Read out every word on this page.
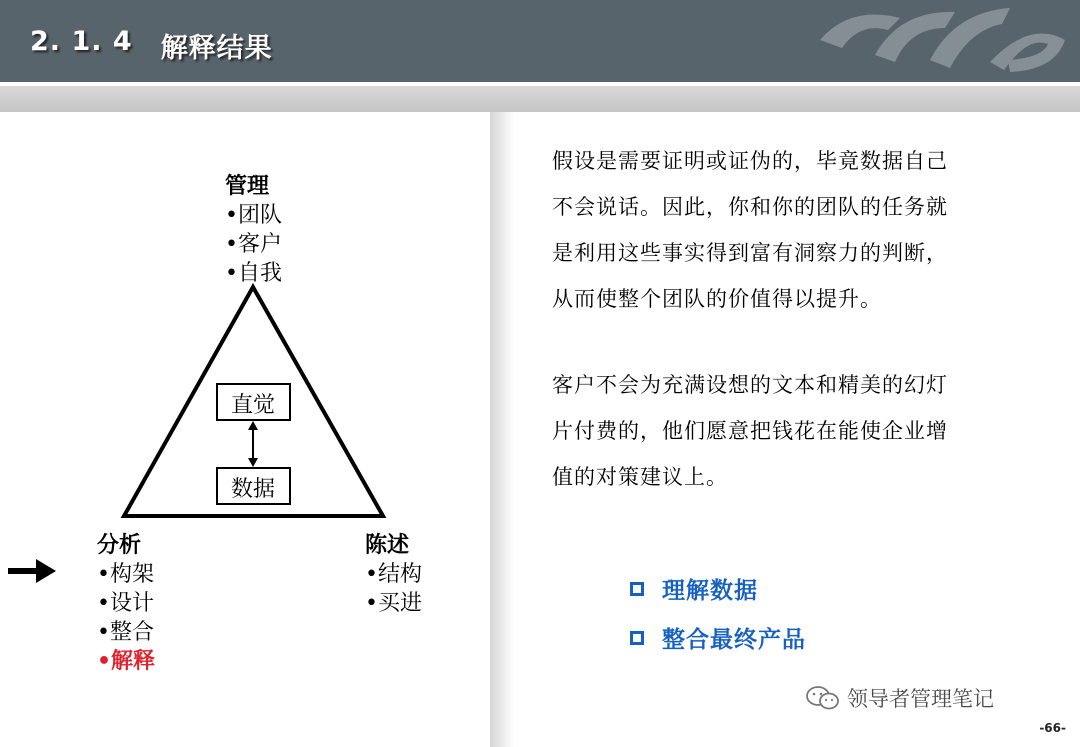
2. 1. 4 解释结果
直觉
数据
管理
•团队
•客户
•自我
分析
•构架
•设计
•整合
•解释
陈述
•结构
•买进
假设是需要证明或证伪的，毕竟数据自己
不会说话。因此，你和你的团队的任务就
是利用这些事实得到富有洞察力的判断，
从而使整个团队的价值得以提升。
客户不会为充满设想的文本和精美的幻灯
片付费的，他们愿意把钱花在能使企业增
值的对策建议上。
理解数据
整合最终产品
领导者管理笔记
-66-
